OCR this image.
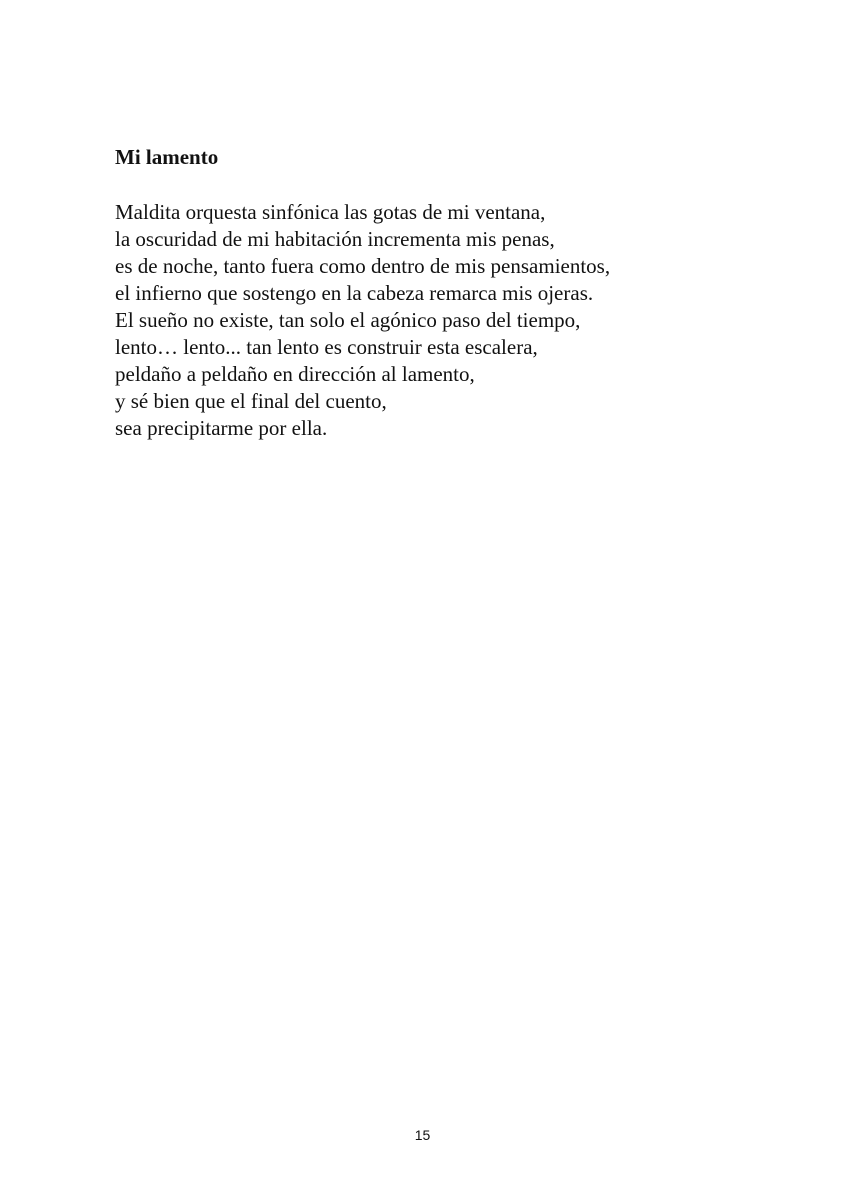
Mi lamento
Maldita orquesta sinfónica las gotas de mi ventana,
la oscuridad de mi habitación incrementa mis penas,
es de noche, tanto fuera como dentro de mis pensamientos,
el infierno que sostengo en la cabeza remarca mis ojeras.
El sueño no existe, tan solo el agónico paso del tiempo,
lento… lento... tan lento es construir esta escalera,
peldaño a peldaño en dirección al lamento,
y sé bien que el final del cuento,
sea precipitarme por ella.
15
